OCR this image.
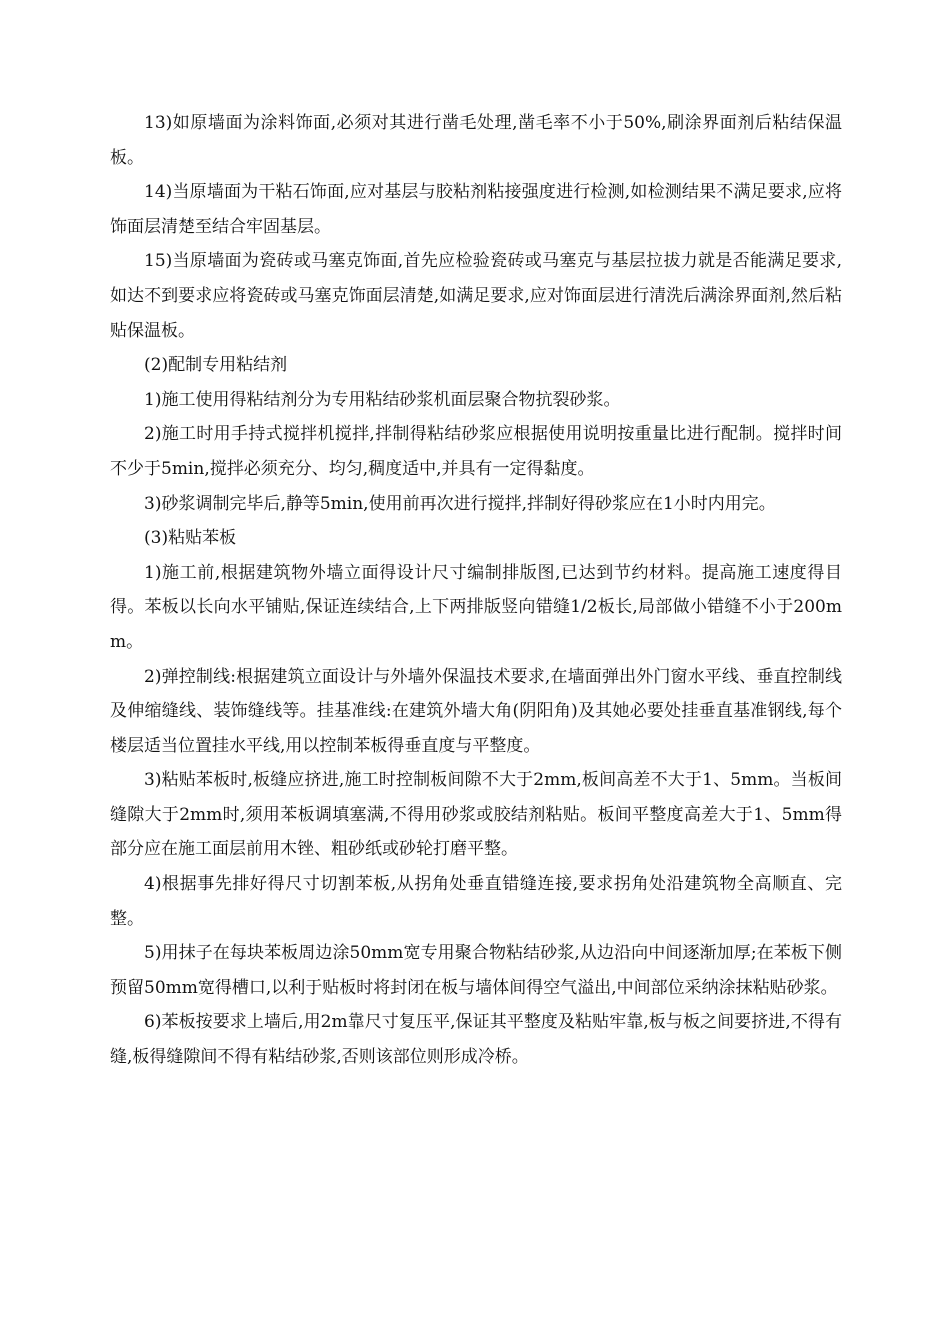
13)如原墙面为涂料饰面,必须对其进行凿毛处理,凿毛率不小于50%,刷涂界面剂后粘结保温板。

14)当原墙面为干粘石饰面,应对基层与胶粘剂粘接强度进行检测,如检测结果不满足要求,应将饰面层清楚至结合牢固基层。

15)当原墙面为瓷砖或马塞克饰面,首先应检验瓷砖或马塞克与基层拉拔力就是否能满足要求,如达不到要求应将瓷砖或马塞克饰面层清楚,如满足要求,应对饰面层进行清洗后满涂界面剂,然后粘贴保温板。

(2)配制专用粘结剂

1)施工使用得粘结剂分为专用粘结砂浆机面层聚合物抗裂砂浆。

2)施工时用手持式搅拌机搅拌,拌制得粘结砂浆应根据使用说明按重量比进行配制。搅拌时间不少于5min,搅拌必须充分、均匀,稠度适中,并具有一定得黏度。

3)砂浆调制完毕后,静等5min,使用前再次进行搅拌,拌制好得砂浆应在1小时内用完。

(3)粘贴苯板

1)施工前,根据建筑物外墙立面得设计尺寸编制排版图,已达到节约材料。提高施工速度得目得。苯板以长向水平铺贴,保证连续结合,上下两排版竖向错缝1/2板长,局部做小错缝不小于200mm。

2)弹控制线:根据建筑立面设计与外墙外保温技术要求,在墙面弹出外门窗水平线、垂直控制线及伸缩缝线、装饰缝线等。挂基准线:在建筑外墙大角(阴阳角)及其她必要处挂垂直基准钢线,每个楼层适当位置挂水平线,用以控制苯板得垂直度与平整度。

3)粘贴苯板时,板缝应挤进,施工时控制板间隙不大于2mm,板间高差不大于1、5mm。当板间缝隙大于2mm时,须用苯板调填塞满,不得用砂浆或胶结剂粘贴。板间平整度高差大于1、5mm得部分应在施工面层前用木锉、粗砂纸或砂轮打磨平整。

4)根据事先排好得尺寸切割苯板,从拐角处垂直错缝连接,要求拐角处沿建筑物全高顺直、完整。

5)用抹子在每块苯板周边涂50mm宽专用聚合物粘结砂浆,从边沿向中间逐渐加厚;在苯板下侧预留50mm宽得槽口,以利于贴板时将封闭在板与墙体间得空气溢出,中间部位采纳涂抹粘贴砂浆。

6)苯板按要求上墙后,用2m靠尺寸复压平,保证其平整度及粘贴牢靠,板与板之间要挤进,不得有缝,板得缝隙间不得有粘结砂浆,否则该部位则形成冷桥。
